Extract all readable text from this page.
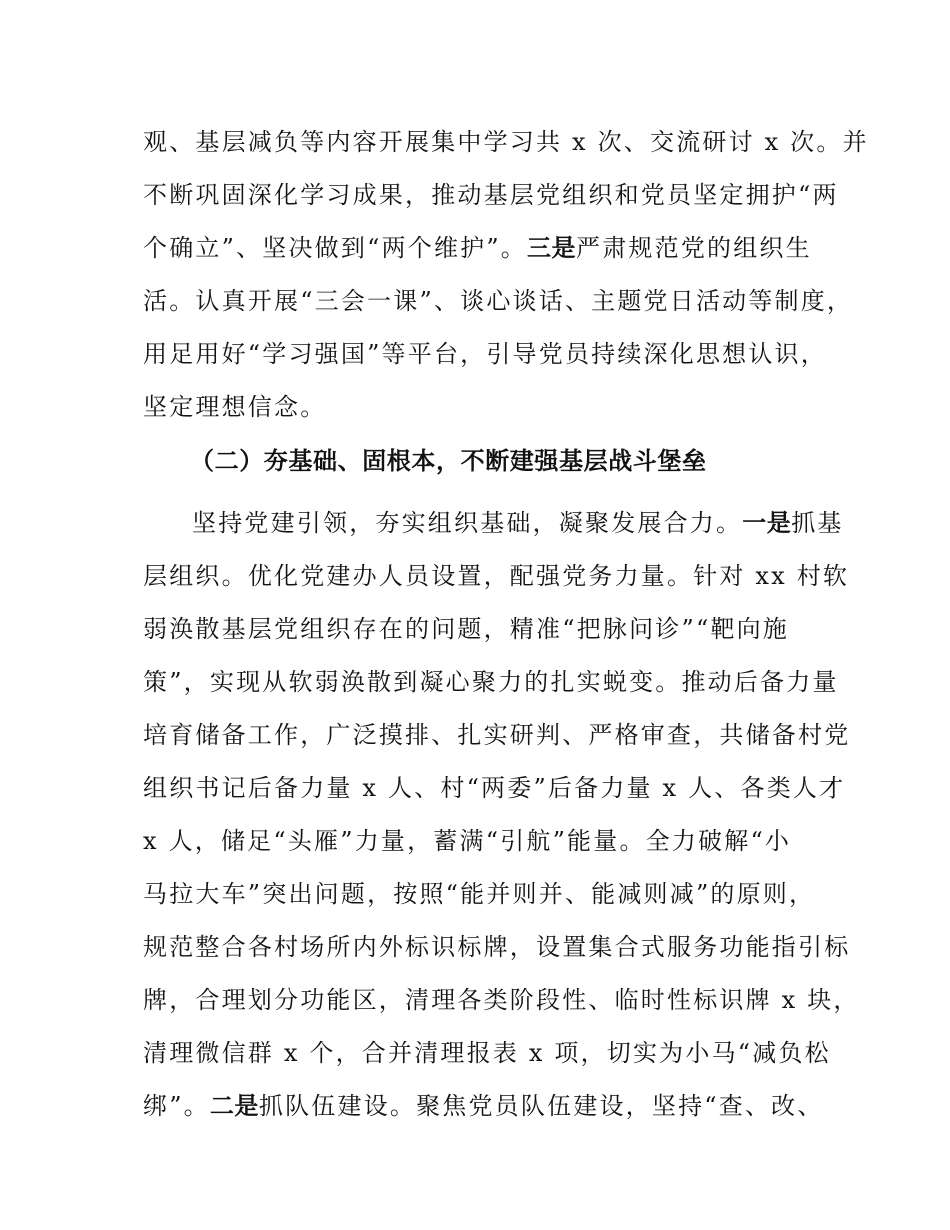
观、基层减负等内容开展集中学习共 x 次、交流研讨 x 次。并
不断巩固深化学习成果，推动基层党组织和党员坚定拥护“两
个确立”、坚决做到“两个维护”。三是严肃规范党的组织生
活。认真开展“三会一课”、谈心谈话、主题党日活动等制度，
用足用好“学习强国”等平台，引导党员持续深化思想认识，
坚定理想信念。
（二）夯基础、固根本，不断建强基层战斗堡垒
坚持党建引领，夯实组织基础，凝聚发展合力。一是抓基
层组织。优化党建办人员设置，配强党务力量。针对 xx 村软
弱涣散基层党组织存在的问题，精准“把脉问诊”“靶向施
策”，实现从软弱涣散到凝心聚力的扎实蜕变。推动后备力量
培育储备工作，广泛摸排、扎实研判、严格审查，共储备村党
组织书记后备力量 x 人、村“两委”后备力量 x 人、各类人才
x 人，储足“头雁”力量，蓄满“引航”能量。全力破解“小
马拉大车”突出问题，按照“能并则并、能减则减”的原则，
规范整合各村场所内外标识标牌，设置集合式服务功能指引标
牌，合理划分功能区，清理各类阶段性、临时性标识牌 x 块，
清理微信群 x 个，合并清理报表 x 项，切实为小马“减负松
绑”。二是抓队伍建设。聚焦党员队伍建设，坚持“查、改、
